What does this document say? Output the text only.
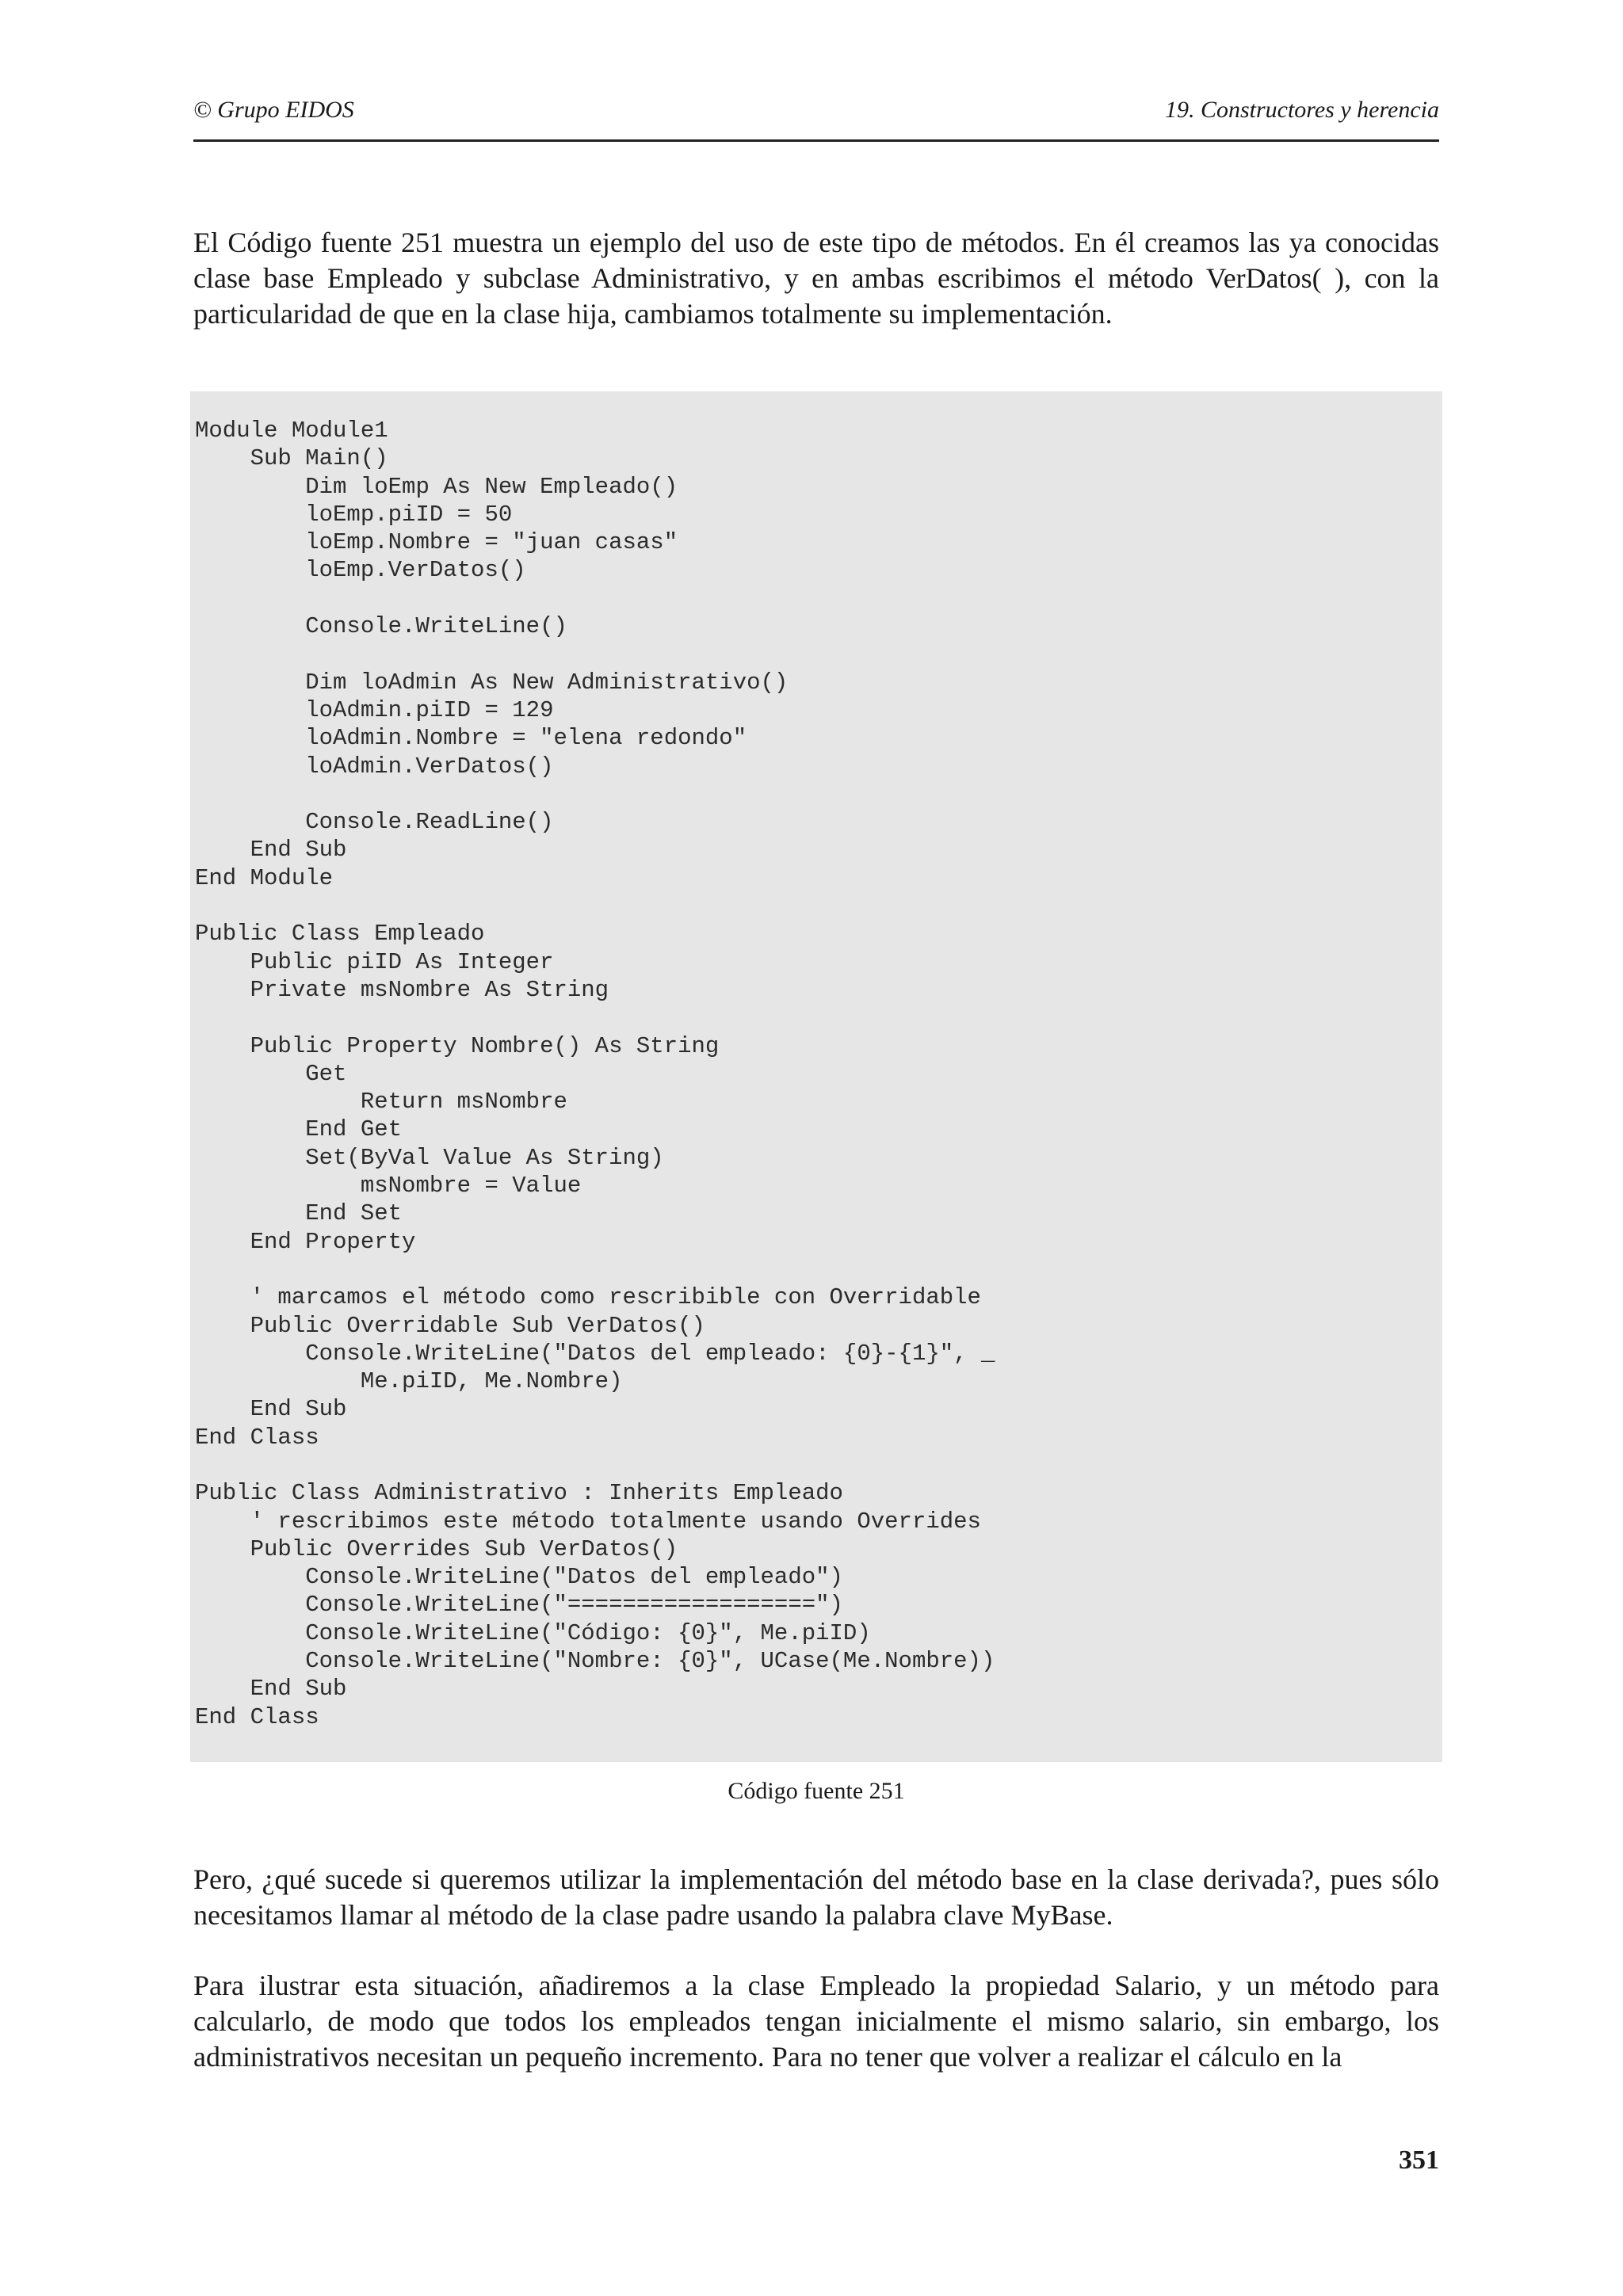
© Grupo EIDOS	19. Constructores y herencia

El Código fuente 251 muestra un ejemplo del uso de este tipo de métodos. En él creamos las ya conocidas clase base Empleado y subclase Administrativo, y en ambas escribimos el método VerDatos( ), con la particularidad de que en la clase hija, cambiamos totalmente su implementación.

Module Module1
Sub Main()
Dim loEmp As New Empleado()
loEmp.piID = 50
loEmp.Nombre = "juan casas"
loEmp.VerDatos()

Console.WriteLine()

Dim loAdmin As New Administrativo()
loAdmin.piID = 129
loAdmin.Nombre = "elena redondo"
loAdmin.VerDatos()

Console.ReadLine()
End Sub
End Module

Public Class Empleado
Public piID As Integer
Private msNombre As String

Public Property Nombre() As String
Get
Return msNombre
End Get
Set(ByVal Value As String)
msNombre = Value
End Set
End Property

' marcamos el método como rescribible con Overridable
Public Overridable Sub VerDatos()
Console.WriteLine("Datos del empleado: {0}-{1}", _
Me.piID, Me.Nombre)
End Sub
End Class

Public Class Administrativo : Inherits Empleado
' rescribimos este método totalmente usando Overrides
Public Overrides Sub VerDatos()
Console.WriteLine("Datos del empleado")
Console.WriteLine("==================")
Console.WriteLine("Código: {0}", Me.piID)
Console.WriteLine("Nombre: {0}", UCase(Me.Nombre))
End Sub
End Class
Código fuente 251

Pero, ¿qué sucede si queremos utilizar la implementación del método base en la clase derivada?, pues sólo necesitamos llamar al método de la clase padre usando la palabra clave MyBase.

Para ilustrar esta situación, añadiremos a la clase Empleado la propiedad Salario, y un método para calcularlo, de modo que todos los empleados tengan inicialmente el mismo salario, sin embargo, los administrativos necesitan un pequeño incremento. Para no tener que volver a realizar el cálculo en la

351
